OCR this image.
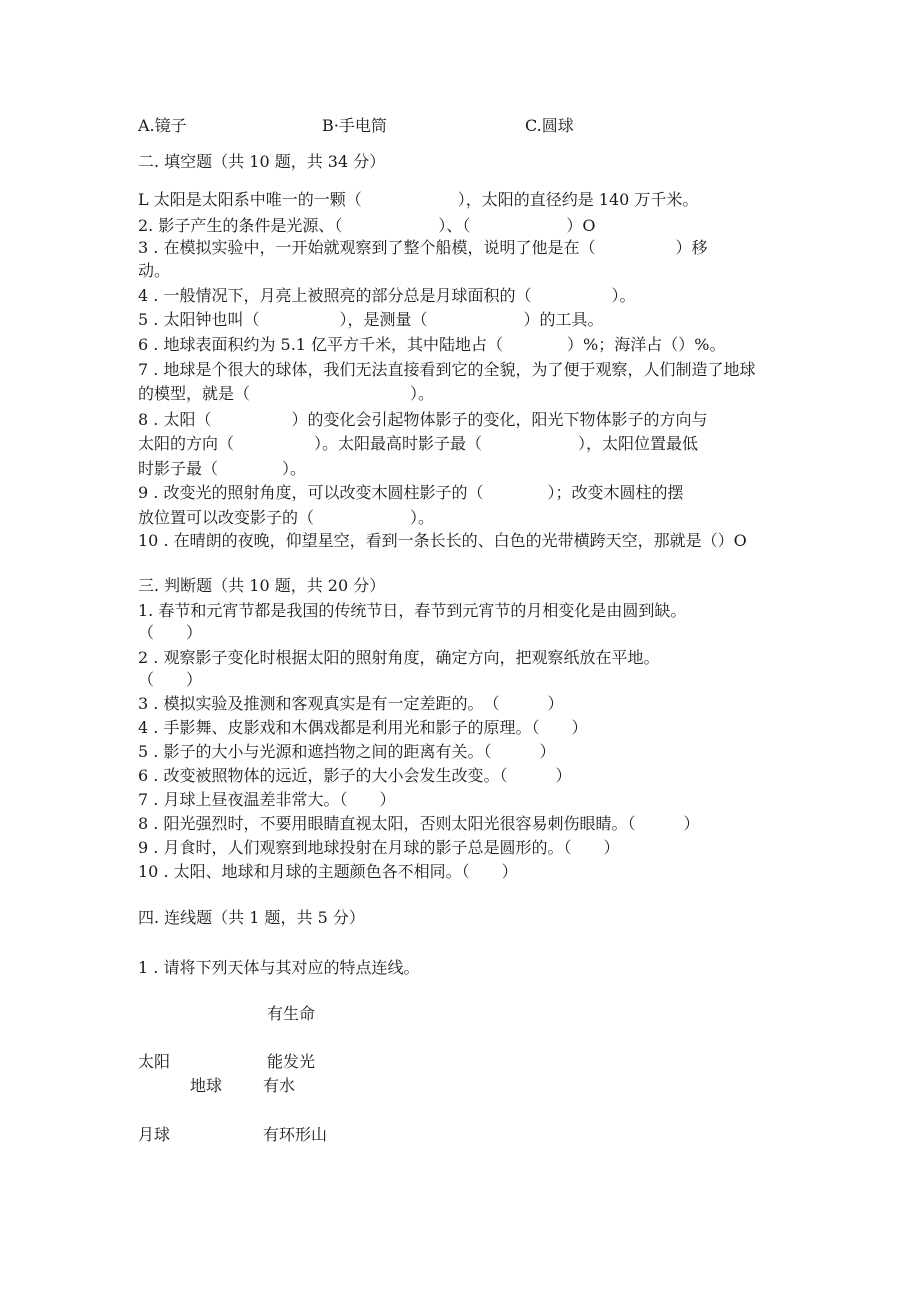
A.镜子	B·手电筒	C.圆球
二. 填空题（共 10 题，共 34 分）
L 太阳是太阳系中唯一的一颗（　　　　　　），太阳的直径约是 140 万千米。
2. 影子产生的条件是光源、（　　　　　　）、（　　　　　　）O
3 . 在模拟实验中，一开始就观察到了整个船模，说明了他是在（　　　　　）移
动。
4 . 一般情况下，月亮上被照亮的部分总是月球面积的（　　　　　）。
5 . 太阳钟也叫（　　　　　），是测量（　　　　　　）的工具。
6 . 地球表面积约为 5.1 亿平方千米，其中陆地占（　　　　）%；海洋占（）%。
7 . 地球是个很大的球体，我们无法直接看到它的全貌，为了便于观察，人们制造了地球
的模型，就是（　　　　　　　　　　）。
8 . 太阳（　　　　　）的变化会引起物体影子的变化，阳光下物体影子的方向与
太阳的方向（　　　　　）。太阳最高时影子最（　　　　　　），太阳位置最低
时影子最（　　　　）。
9 . 改变光的照射角度，可以改变木圆柱影子的（　　　　）；改变木圆柱的摆
放位置可以改变影子的（　　　　　　）。
10 . 在晴朗的夜晚，仰望星空，看到一条长长的、白色的光带横跨天空，那就是（）O
三. 判断题（共 10 题，共 20 分）
1. 春节和元宵节都是我国的传统节日，春节到元宵节的月相变化是由圆到缺。
（　　）
2 . 观察影子变化时根据太阳的照射角度，确定方向，把观察纸放在平地。
（　　）
3 . 模拟实验及推测和客观真实是有一定差距的。　（　　　）
4 . 手影舞、皮影戏和木偶戏都是利用光和影子的原理。（　　）
5 . 影子的大小与光源和遮挡物之间的距离有关。（　　　）
6 . 改变被照物体的远近，影子的大小会发生改变。（　　　）
7 . 月球上昼夜温差非常大。（　　）
8 . 阳光强烈时，不要用眼睛直视太阳，否则太阳光很容易刺伤眼睛。（　　　）
9 . 月食时，人们观察到地球投射在月球的影子总是圆形的。（　　）
10 . 太阳、地球和月球的主题颜色各不相同。（　　）
四. 连线题（共 1 题，共 5 分）
1 . 请将下列天体与其对应的特点连线。
有生命
太阳	能发光
地球	有水
月球	有环形山
